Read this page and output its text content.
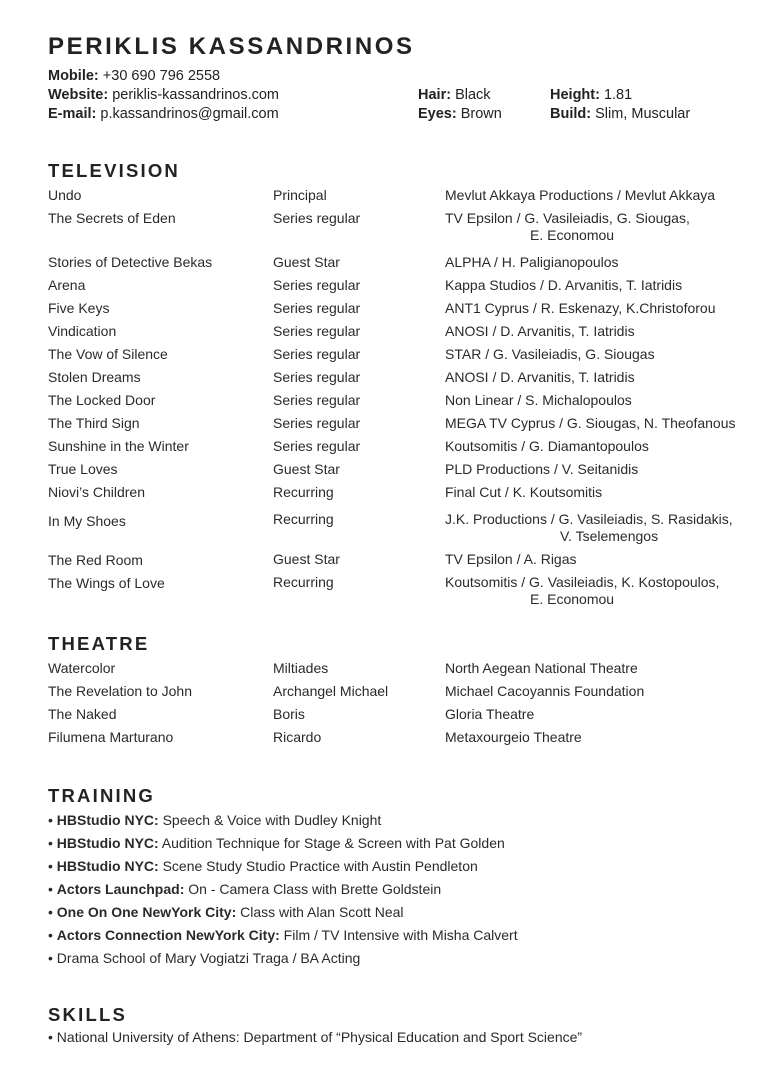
PERIKLIS KASSANDRINOS
Mobile: +30 690 796 2558
Website: periklis-kassandrinos.com
E-mail: p.kassandrinos@gmail.com
Hair: Black
Eyes: Brown
Height: 1.81
Build: Slim, Muscular
TELEVISION
Undo	Principal	Mevlut Akkaya Productions / Mevlut Akkaya
The Secrets of Eden	Series regular	TV Epsilon / G. Vasileiadis, G. Siougas,
E. Economou
Stories of Detective Bekas	Guest Star	ALPHA / H. Paligianopoulos
Arena	Series regular	Kappa Studios / D. Arvanitis, T. Iatridis
Five Keys	Series regular	ANT1 Cyprus / R. Eskenazy, K.Christoforou
Vindication	Series regular	ANOSI / D. Arvanitis, T. Iatridis
The Vow of Silence	Series regular	STAR / G. Vasileiadis, G. Siougas
Stolen Dreams	Series regular	ANOSI / D. Arvanitis, T. Iatridis
The Locked Door	Series regular	Non Linear / S. Michalopoulos
The Third Sign	Series regular	MEGA TV Cyprus / G. Siougas, N. Theofanous
Sunshine in the Winter	Series regular	Koutsomitis / G. Diamantopoulos
True Loves	Guest Star	PLD Productions / V. Seitanidis
Niovi’s Children	Recurring	Final Cut / K. Koutsomitis
In My Shoes	Recurring	J.K. Productions / G. Vasileiadis, S. Rasidakis,
V. Tselemengos
The Red Room	Guest Star	TV Epsilon / A. Rigas
The Wings of Love	Recurring	Koutsomitis / G. Vasileiadis, K. Kostopoulos,
E. Economou
THEATRE
Watercolor	Miltiades	North Aegean National Theatre
The Revelation to John	Archangel Michael	Michael Cacoyannis Foundation
The Naked	Boris	Gloria Theatre
Filumena Marturano	Ricardo	Metaxourgeio Theatre
TRAINING
• HBStudio NYC: Speech & Voice with Dudley Knight
• HBStudio NYC: Audition Technique for Stage & Screen with Pat Golden
• HBStudio NYC: Scene Study Studio Practice with Austin Pendleton
• Actors Launchpad: On - Camera Class with Brette Goldstein
• One On One NewYork City: Class with Alan Scott Neal
• Actors Connection NewYork City: Film / TV Intensive with Misha Calvert
• Drama School of Mary Vogiatzi Traga / BA Acting
SKILLS
• National University of Athens: Department of “Physical Education and Sport Science”
